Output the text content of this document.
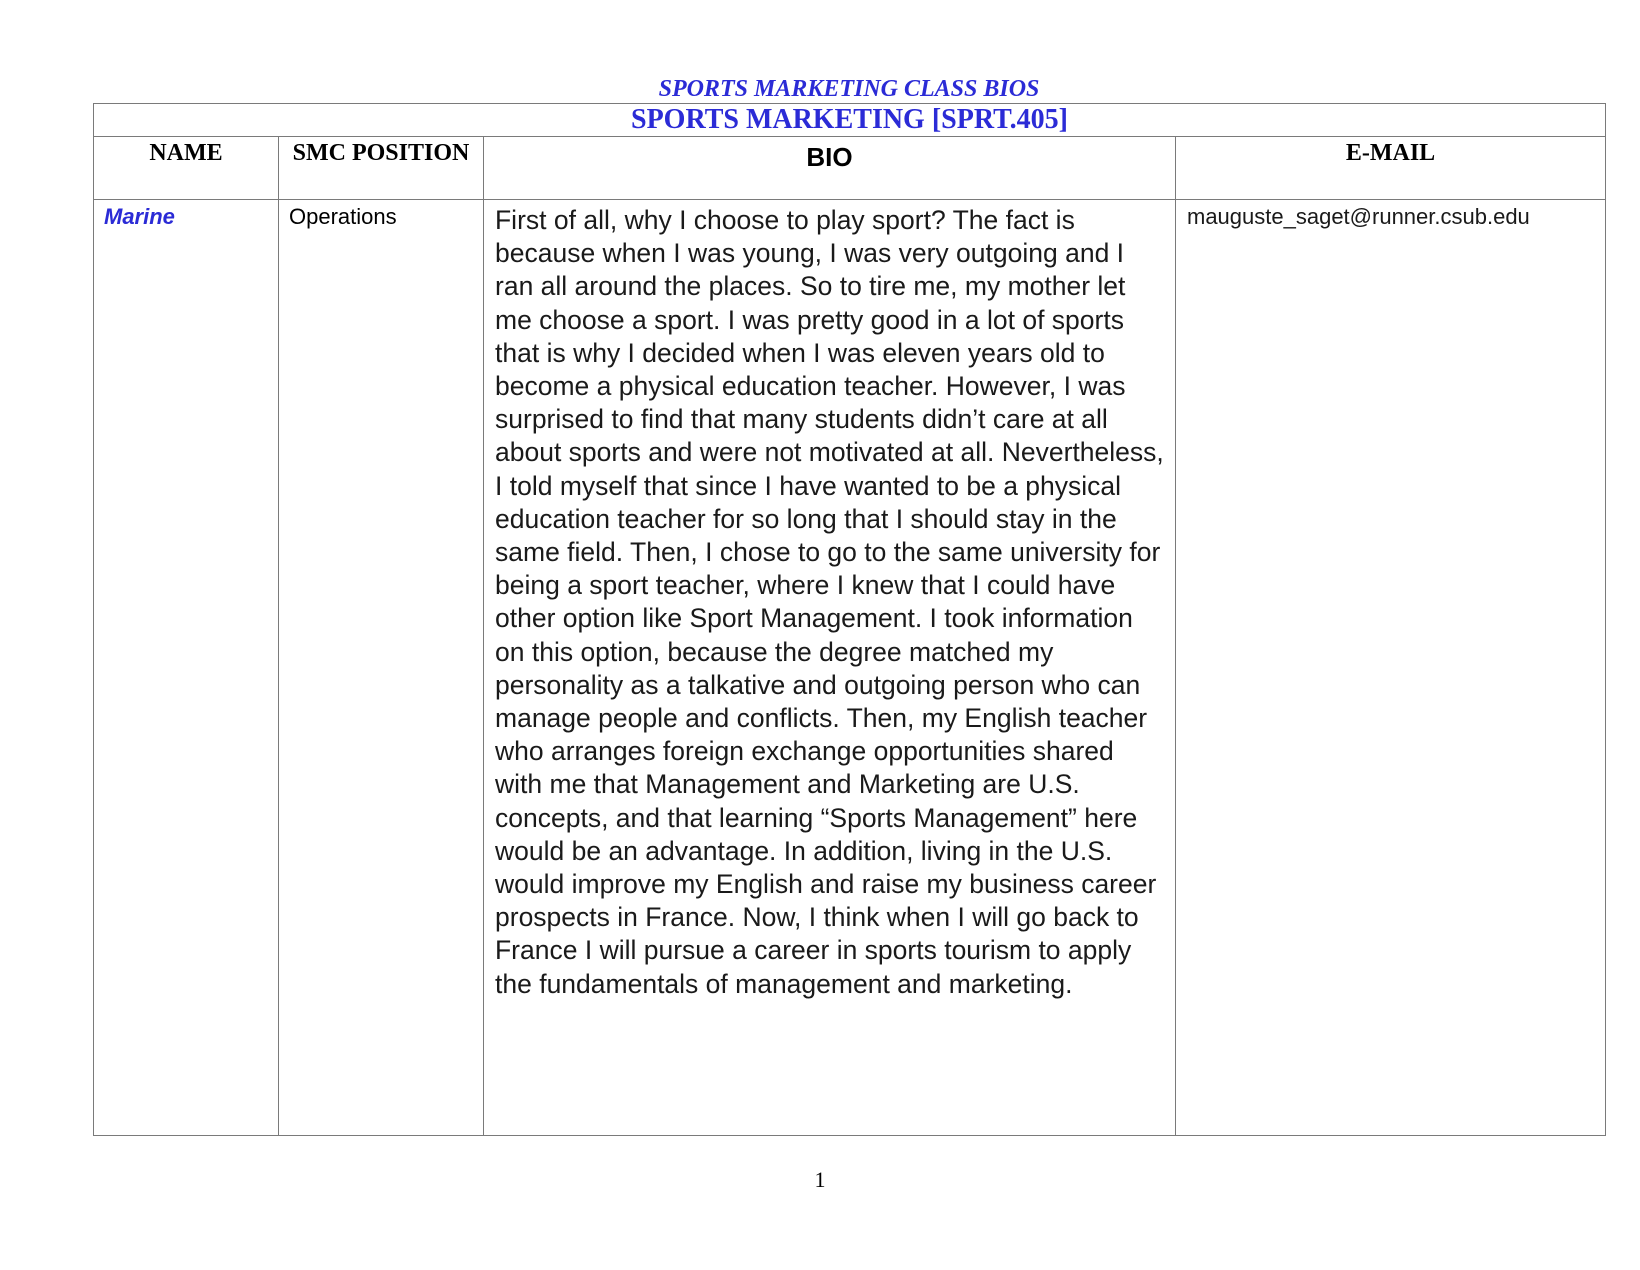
SPORTS MARKETING CLASS BIOS
SPORTS MARKETING [SPRT.405]			
NAME	SMC POSITION	BIO	E-MAIL
Marine	Operations	First of all, why I choose to play sport? The fact is because when I was young, I was very outgoing and I ran all around the places. So to tire me, my mother let me choose a sport. I was pretty good in a lot of sports that is why I decided when I was eleven years old to become a physical education teacher. However, I was surprised to find that many students didn’t care at all about sports and were not motivated at all. Nevertheless, I told myself that since I have wanted to be a physical education teacher for so long that I should stay in the same field. Then, I chose to go to the same university for being a sport teacher, where I knew that I could have other option like Sport Management. I took information on this option, because the degree matched my personality as a talkative and outgoing person who can manage people and conflicts. Then, my English teacher who arranges foreign exchange opportunities shared with me that Management and Marketing are U.S. concepts, and that learning “Sports Management” here would be an advantage. In addition, living in the U.S. would improve my English and raise my business career prospects in France. Now, I think when I will go back to France I will pursue a career in sports tourism to apply the fundamentals of management and marketing.	mauguste_saget@runner.csub.edu
1
